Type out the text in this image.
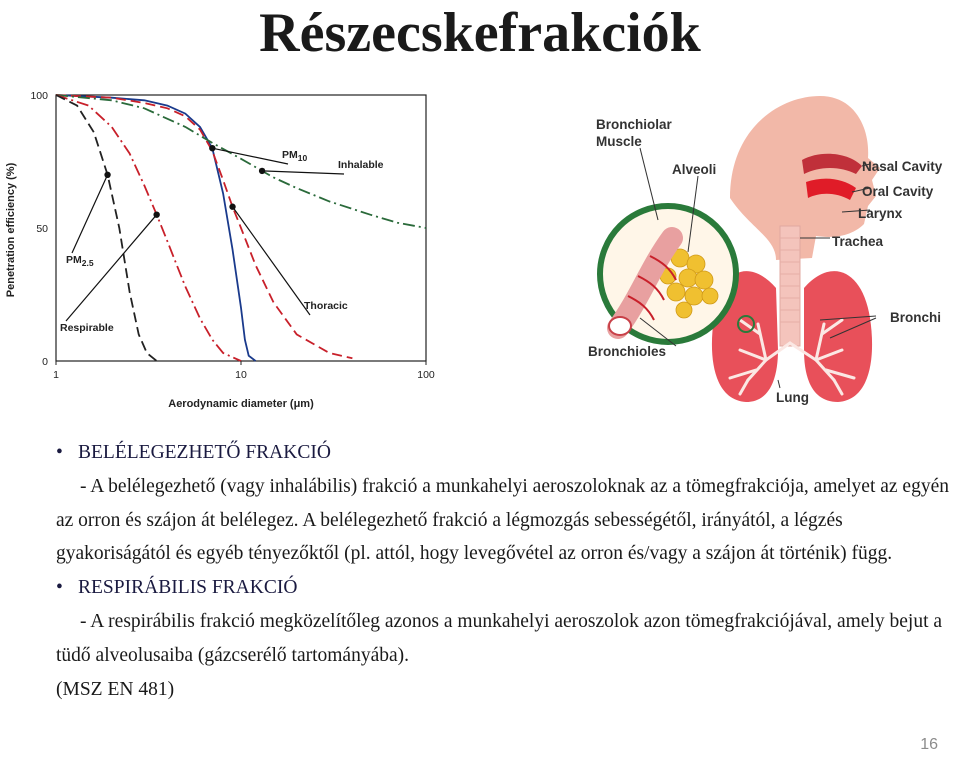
Részecskefrakciók
$PM_{10}$
Inhalable
Thoracic
$PM_{2.5}$
Respirable
1	10	100
0
50
100
Penetration efficiency (%)
Aerodynamic diameter (μm)
Bronchiolar
Muscle
Alveoli
Bronchioles
Nasal Cavity
Oral Cavity
Larynx
Trachea
Bronchi
Lung
• BELÉLEGEZHETŐ FRAKCIÓ

- A belélegezhető (vagy inhalábilis) frakció a munkahelyi aeroszoloknak az a tömegfrakciója, amelyet az egyén az orron és szájon át belélegez. A belélegezhető frakció a légmozgás sebességétől, irányától, a légzés gyakoriságától és egyéb tényezőktől (pl. attól, hogy levegővétel az orron és/vagy a szájon át történik) függ.

• RESPIRÁBILIS FRAKCIÓ

- A respirábilis frakció megközelítőleg azonos a munkahelyi aeroszolok azon tömegfrakciójával, amely bejut a tüdő alveolusaiba (gázcserélő tartományába).

(MSZ EN 481)

16
